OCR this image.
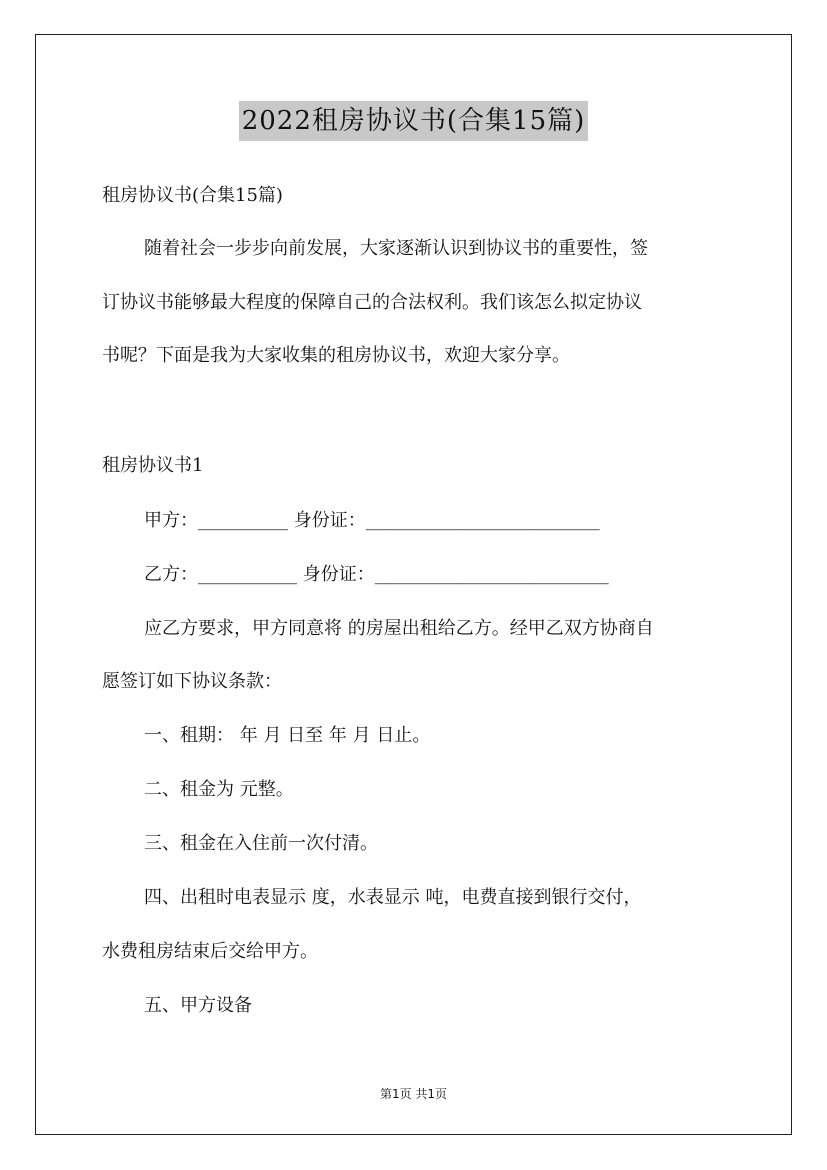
2022租房协议书(合集15篇)
租房协议书(合集15篇)
随着社会一步步向前发展，大家逐渐认识到协议书的重要性，签
订协议书能够最大程度的保障自己的合法权利。我们该怎么拟定协议
书呢？下面是我为大家收集的租房协议书，欢迎大家分享。
租房协议书1
甲方：__________ 身份证：__________________________
乙方：___________ 身份证：__________________________
应乙方要求，甲方同意将 的房屋出租给乙方。经甲乙双方协商自
愿签订如下协议条款：
一、租期： 年 月 日至 年 月 日止。
二、租金为 元整。
三、租金在入住前一次付清。
四、出租时电表显示 度，水表显示 吨，电费直接到银行交付，
水费租房结束后交给甲方。
五、甲方设备
第1页 共1页
